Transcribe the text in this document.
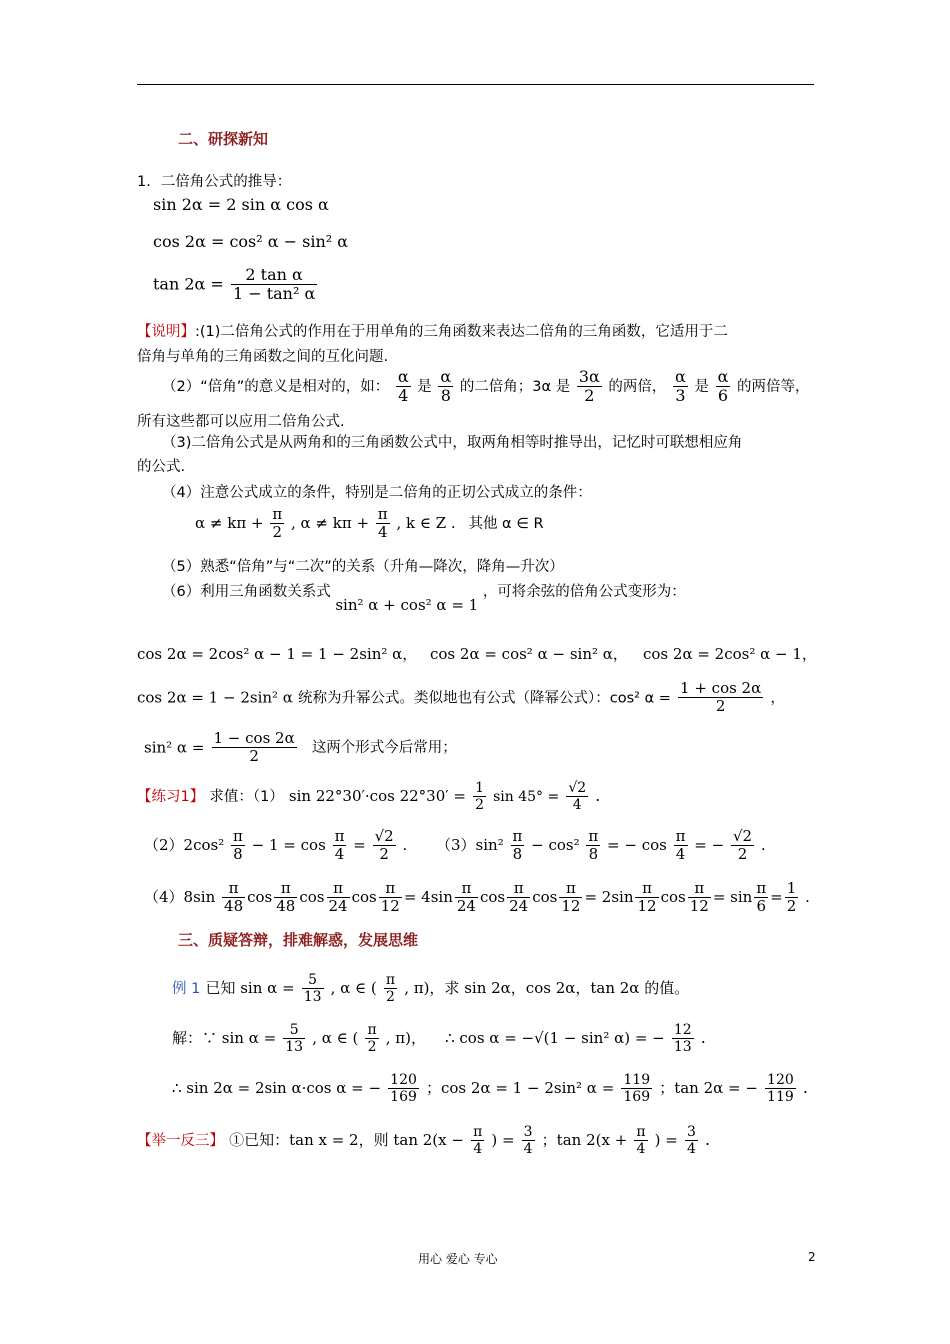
二、研探新知
1．二倍角公式的推导：
sin 2α = 2 sin α cos α
cos 2α = cos² α − sin² α
$\tan 2\alpha = \frac{\text{2 tan α}}{\text{1 − tan² α}}$
【说明】:(1)二倍角公式的作用在于用单角的三角函数来表达二倍角的三角函数，它适用于二
倍角与单角的三角函数之间的互化问题.
（2）“倍角”的意义是相对的，如： $\frac{\alpha}{4}$ 是 $\frac{\alpha}{8}$ 的二倍角；3α 是 $\frac{3\alpha}{2}$ 的两倍， $\frac{\alpha}{3}$ 是 $\frac{\alpha}{6}$ 的两倍等，
所有这些都可以应用二倍角公式.
（3)二倍角公式是从两角和的三角函数公式中，取两角相等时推导出，记忆时可联想相应角
的公式.
（4）注意公式成立的条件，特别是二倍角的正切公式成立的条件：
$\alpha \ne k\pi + \frac{\pi}{2}$ , $\alpha \ne k\pi + \frac{\pi}{4}$ , k ∈ Z . 其他 α ∈ R
（5）熟悉“倍角”与“二次”的关系（升角—降次，降角—升次）
（6）利用三角函数关系式 sin² α + cos² α = 1 ，可将余弦的倍角公式变形为：
cos 2α = 2cos² α − 1 = 1 − 2sin² α， cos 2α = cos² α − sin² α， cos 2α = 2cos² α − 1，
cos 2α = 1 − 2sin² α 统称为升幂公式。类似地也有公式（降幂公式）：cos² $\alpha = \frac{1 + \cos 2\alpha}{2}$ ，
sin² $\alpha = \frac{1 - \cos 2\alpha}{2}$ 这两个形式今后常用；
【练习1】 求值：（1） sin 22°30′·cos $22^\circ 30' = \frac{1}{2}$ $\sin 45^\circ = \frac{√2}{4}$ .
$(2)2\cos^2 \frac{\pi}{8} - 1 = \cos \frac{\pi}{4} = \frac{√2}{2}$ . $(3)\sin^2 \frac{\pi}{8} - \cos^2 \frac{\pi}{8}$ = − $\cos \frac{\pi}{4}$ = − $\frac{√2}{2}$ .
$(4)8\sin \frac{\pi}{48}$ $\cos \frac{\pi}{48}$ $\cos \frac{\pi}{24}$ $\cos \frac{\pi}{12} = 4\sin \frac{\pi}{24}$ $\cos \frac{\pi}{24}$ $\cos \frac{\pi}{12} = 2\sin \frac{\pi}{12}$ $\cos \frac{\pi}{12} = \sin \frac{\pi}{6} = \frac{1}{2}$ .
三、质疑答辩，排难解惑，发展思维
例 1 已知 $\sin \alpha = \frac{5}{13}$ , α ∈ ( $\frac{\pi}{2}$ , π)，求 sin 2α，cos 2α，tan 2α 的值。
解：∵ $\sin \alpha = \frac{5}{13}$ , α ∈ ( $\frac{\pi}{2}$ , π)， ∴ cos α = −√(1 − sin² α) = − $\frac{12}{13}$ .
∴ sin 2α = 2sin α·cos α = − $\frac{120}{169}$ ；cos 2α = 1 − 2sin² $\alpha = \frac{119}{169}$ ；tan 2α = − $\frac{120}{119}$ .
【举一反三】 ①已知：tan x = 2，则 $\tan 2(x - \frac{\pi}{4}$ ) = $\frac{3}{4}$ ；$\tan 2(x + \frac{\pi}{4}$ ) = $\frac{3}{4}$ .
用心 爱心 专心	2
